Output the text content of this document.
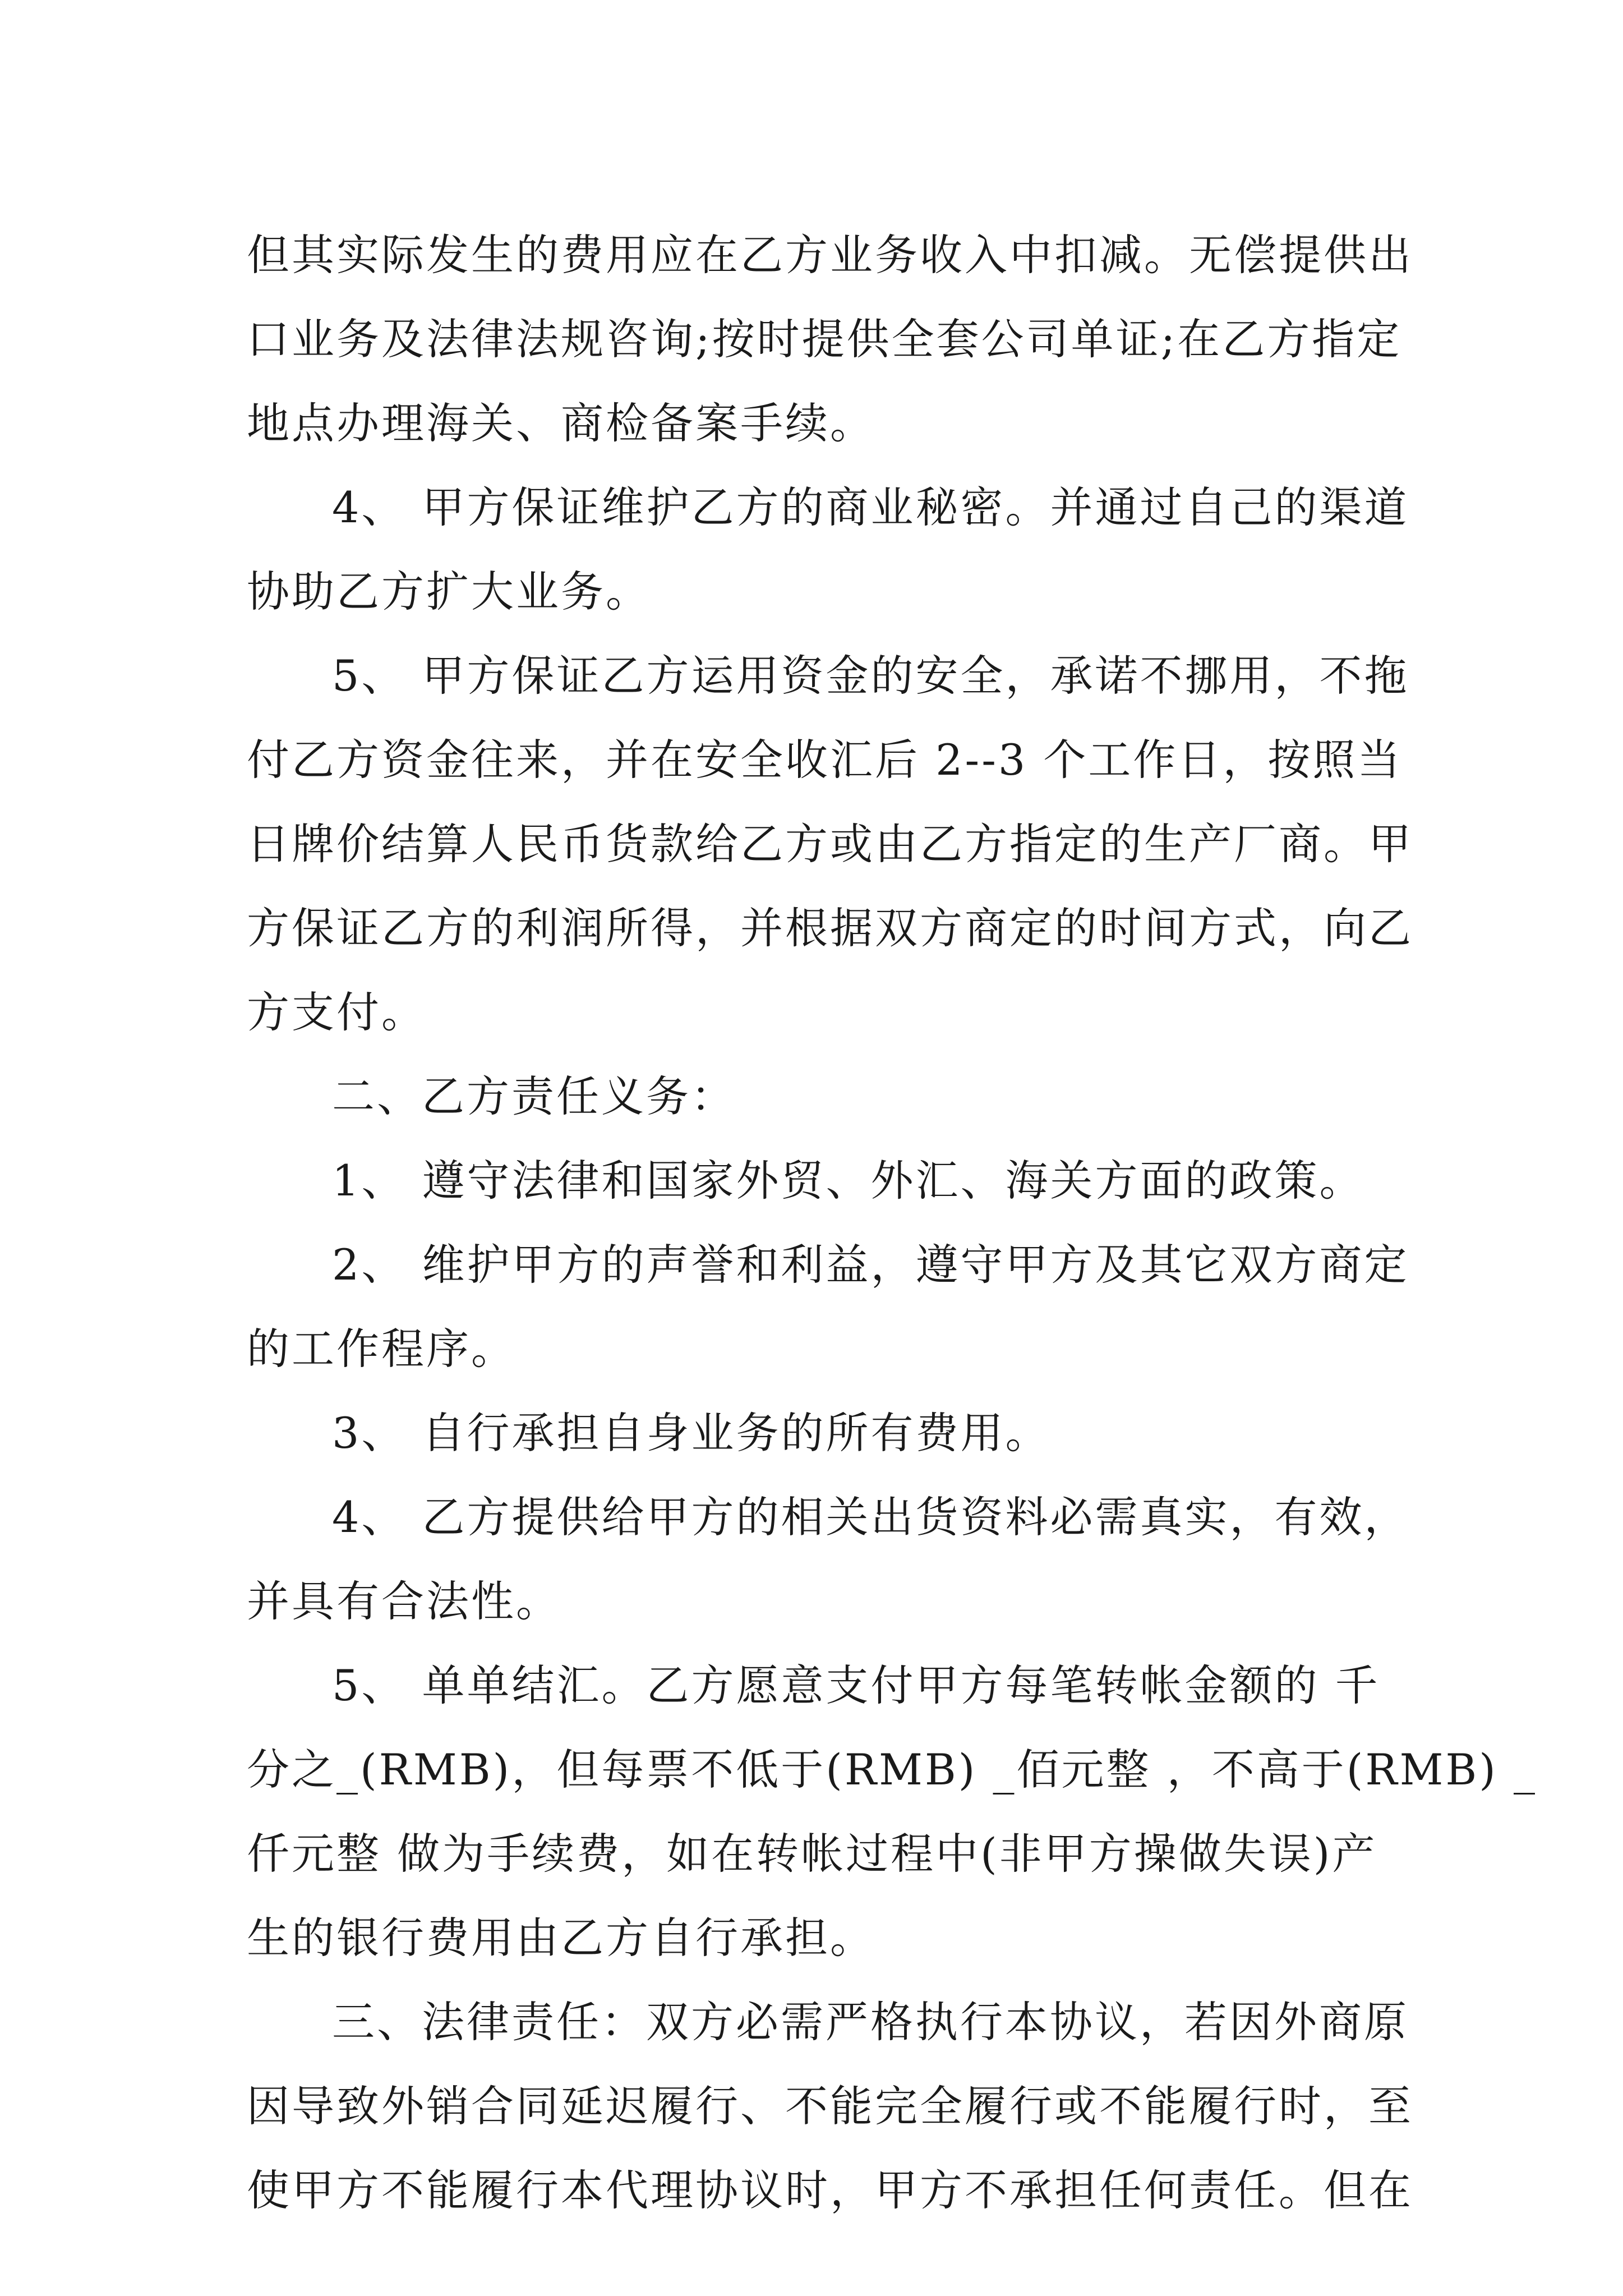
但其实际发生的费用应在乙方业务收入中扣减。无偿提供出
口业务及法律法规咨询;按时提供全套公司单证;在乙方指定
地点办理海关、商检备案手续。
4、 甲方保证维护乙方的商业秘密。并通过自己的渠道
协助乙方扩大业务。
5、 甲方保证乙方运用资金的安全，承诺不挪用，不拖
付乙方资金往来，并在安全收汇后 2--3 个工作日，按照当
日牌价结算人民币货款给乙方或由乙方指定的生产厂商。甲
方保证乙方的利润所得，并根据双方商定的时间方式，向乙
方支付。
二、乙方责任义务：
1、 遵守法律和国家外贸、外汇、海关方面的政策。
2、 维护甲方的声誉和利益，遵守甲方及其它双方商定
的工作程序。
3、 自行承担自身业务的所有费用。
4、 乙方提供给甲方的相关出货资料必需真实，有效，
并具有合法性。
5、 单单结汇。乙方愿意支付甲方每笔转帐金额的 千
分之_(RMB)，但每票不低于(RMB) _佰元整 ，不高于(RMB) _
仟元整 做为手续费，如在转帐过程中(非甲方操做失误)产
生的银行费用由乙方自行承担。
三、法律责任：双方必需严格执行本协议，若因外商原
因导致外销合同延迟履行、不能完全履行或不能履行时，至
使甲方不能履行本代理协议时，甲方不承担任何责任。但在
